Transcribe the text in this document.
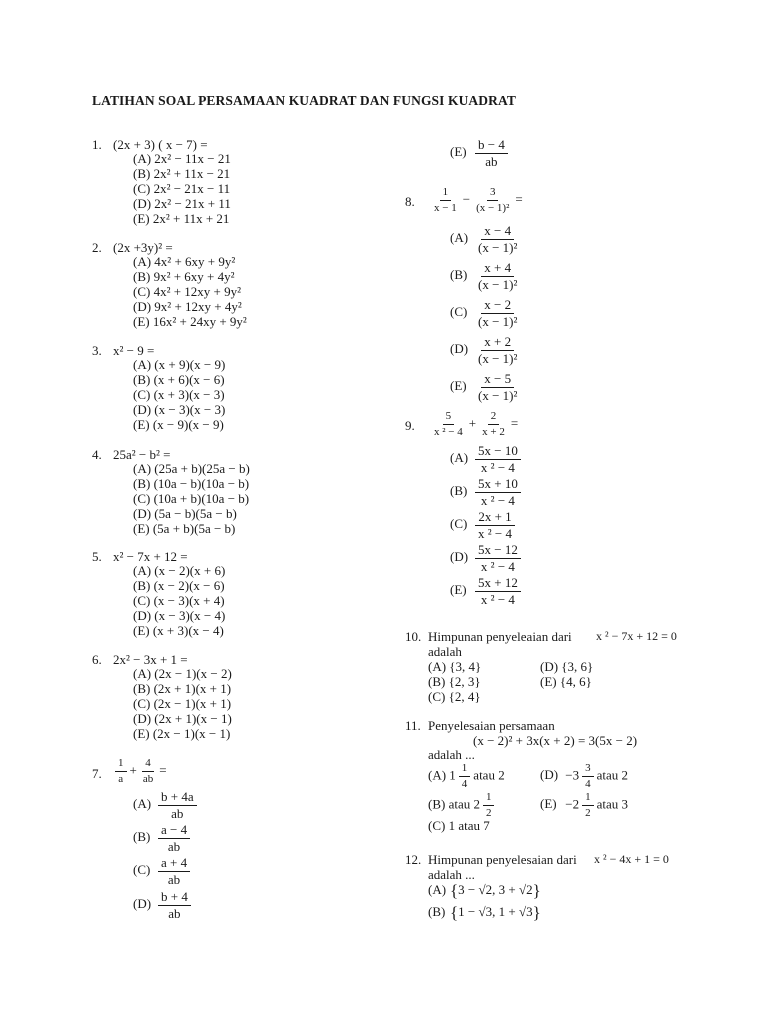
LATIHAN SOAL PERSAMAAN KUADRAT DAN FUNGSI KUADRAT
1. (2x + 3) ( x − 7) =
(A) 2x² − 11x − 21
(B) 2x² + 11x − 21
(C) 2x² − 21x − 11
(D) 2x² − 21x + 11
(E) 2x² + 11x + 21
2. (2x +3y)² =
(A) 4x² + 6xy + 9y²
(B) 9x² + 6xy + 4y²
(C) 4x² + 12xy + 9y²
(D) 9x² + 12xy + 4y²
(E) 16x² + 24xy + 9y²
3. x² − 9 =
(A) (x + 9)(x − 9)
(B) (x + 6)(x − 6)
(C) (x + 3)(x − 3)
(D) (x − 3)(x − 3)
(E) (x − 9)(x − 9)
4. 25a² − b² =
(A) (25a + b)(25a − b)
(B) (10a − b)(10a − b)
(C) (10a + b)(10a − b)
(D) (5a − b)(5a − b)
(E) (5a + b)(5a − b)
5. x² − 7x + 12 =
(A) (x − 2)(x + 6)
(B) (x − 2)(x − 6)
(C) (x − 3)(x + 4)
(D) (x − 3)(x − 4)
(E) (x + 3)(x − 4)
6. 2x² − 3x + 1 =
(A) (2x − 1)(x − 2)
(B) (2x + 1)(x + 1)
(C) (2x − 1)(x + 1)
(D) (2x + 1)(x − 1)
(E) (2x − 1)(x − 1)
7. $\frac{1}{a} + \frac{4}{ab}$ =
$(A) \frac{b + 4a}{ab}$
$(B) \frac{a - 4}{ab}$
$(C) \frac{a + 4}{ab}$
$(D) \frac{b + 4}{ab}$
$(E) \frac{b - 4}{ab}$
8. $\frac{1}{x - 1} - \frac{3}{\text{(x − 1)²}}$ =
$(A) \frac{x - 4}{\text{(x − 1)²}}$
$(B) \frac{x + 4}{\text{(x − 1)²}}$
$(C) \frac{x - 2}{\text{(x − 1)²}}$
$(D) \frac{x + 2}{\text{(x − 1)²}}$
$(E) \frac{x - 5}{\text{(x − 1)²}}$
9. $\frac{5}{\text{x ² − 4}} + \frac{2}{x + 2}$ =
$(A) \frac{5x - 10}{\text{x ² − 4}}$
$(B) \frac{5x + 10}{\text{x ² − 4}}$
$(C) \frac{2x + 1}{\text{x ² − 4}}$
$(D) \frac{5x - 12}{\text{x ² − 4}}$
$(E) \frac{5x + 12}{\text{x ² − 4}}$
10. Himpunan penyeleaian dari x ² − 7x + 12 = 0
adalah
(A) {3, 4}	(D) {3, 6}
(B) {2, 3}	(E) {4, 6}
(C) {2, 4}
11. Penyelesaian persamaan
(x − 2)² + 3x(x + 2) = 3(5x − 2)
adalah ...
(A) $1 \frac{1}{4}$ atau 2	$(D) -3 \frac{3}{4}$ atau 2
(B) atau $2 \frac{1}{2}$	$(E) -2 \frac{1}{2}$ atau 3
(C) 1 atau 7
12. Himpunan penyelesaian dari x ² − 4x + 1 = 0
adalah ...
(A) {3 − √2, 3 + √2}
(B) {1 − √3, 1 + √3}
